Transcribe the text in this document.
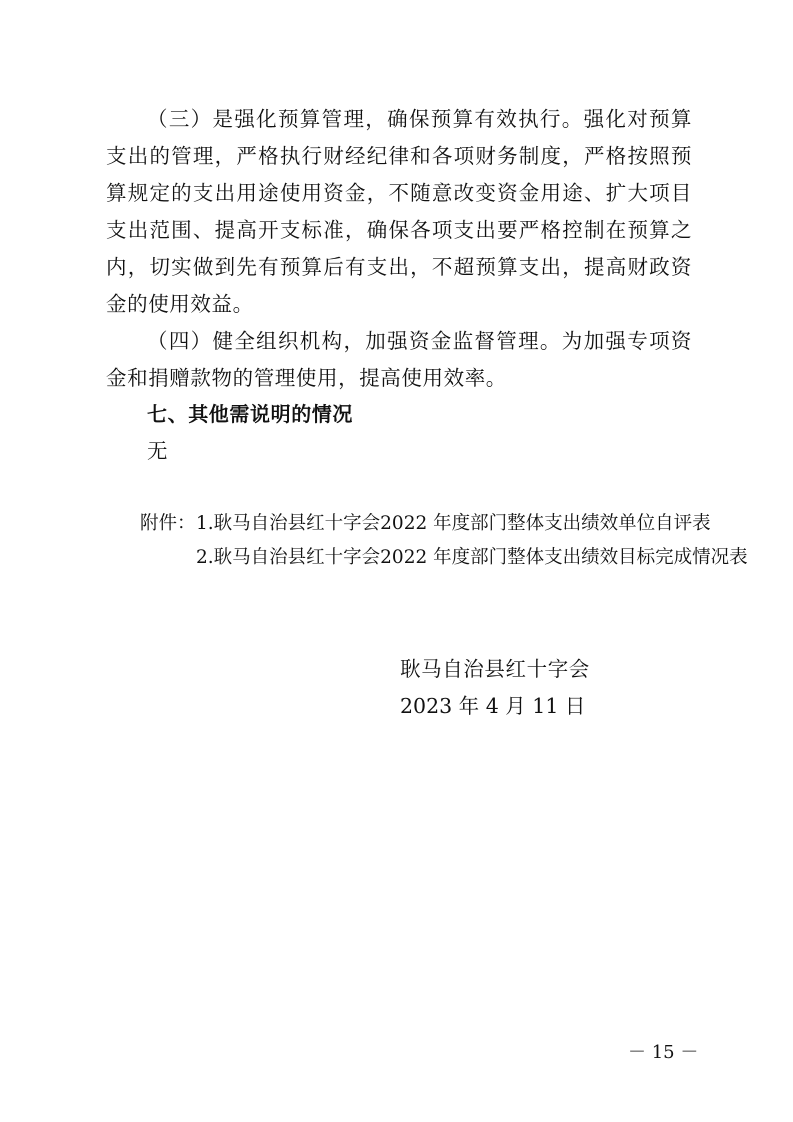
（三）是强化预算管理，确保预算有效执行。强化对预算支出的管理，严格执行财经纪律和各项财务制度，严格按照预算规定的支出用途使用资金，不随意改变资金用途、扩大项目支出范围、提高开支标准，确保各项支出要严格控制在预算之内，切实做到先有预算后有支出，不超预算支出，提高财政资金的使用效益。

（四）健全组织机构，加强资金监督管理。为加强专项资金和捐赠款物的管理使用，提高使用效率。

七、其他需说明的情况

无

附件： 1.耿马自治县红十字会2022 年度部门整体支出绩效单位自评表

2.耿马自治县红十字会2022 年度部门整体支出绩效目标完成情况表

耿马自治县红十字会

2023 年 4 月 11 日

－ 15 －
